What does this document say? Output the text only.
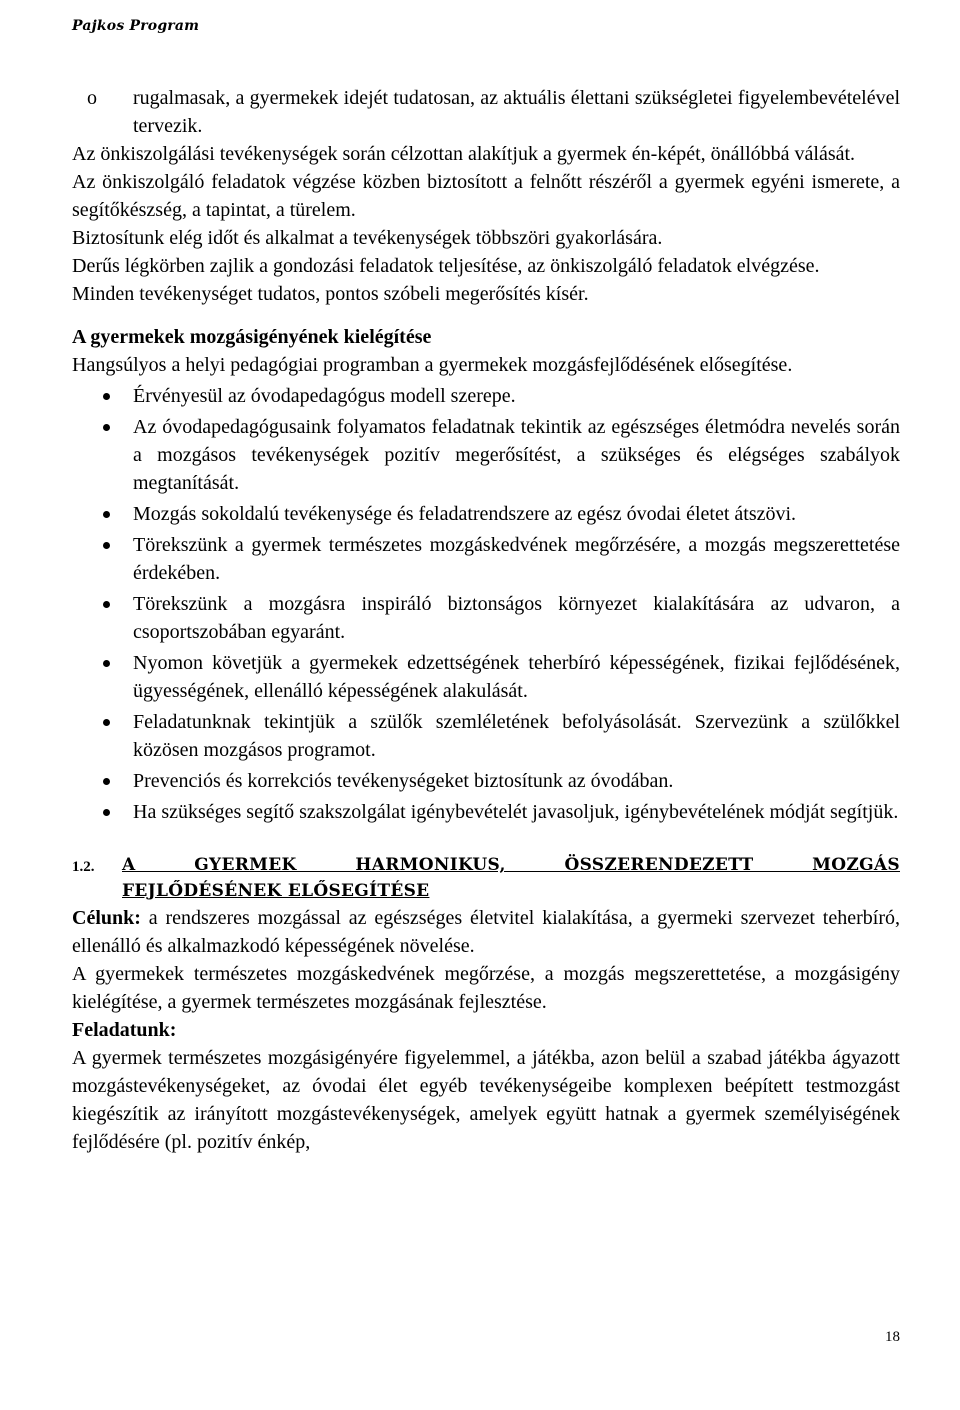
Pajkos Program

o rugalmasak, a gyermekek idejét tudatosan, az aktuális élettani szükségletei figyelembevételével tervezik.

Az önkiszolgálási tevékenységek során célzottan alakítjuk a gyermek én-képét, önállóbbá válását.

Az önkiszolgáló feladatok végzése közben biztosított a felnőtt részéről a gyermek egyéni ismerete, a segítőkészség, a tapintat, a türelem.

Biztosítunk elég időt és alkalmat a tevékenységek többszöri gyakorlására.

Derűs légkörben zajlik a gondozási feladatok teljesítése, az önkiszolgáló feladatok elvégzése.

Minden tevékenységet tudatos, pontos szóbeli megerősítés kísér.

A gyermekek mozgásigényének kielégítése

Hangsúlyos a helyi pedagógiai programban a gyermekek mozgásfejlődésének elősegítése.

Érvényesül az óvodapedagógus modell szerepe.
Az óvodapedagógusaink folyamatos feladatnak tekintik az egészséges életmódra nevelés során a mozgásos tevékenységek pozitív megerősítést, a szükséges és elégséges szabályok megtanítását.
Mozgás sokoldalú tevékenysége és feladatrendszere az egész óvodai életet átszövi.
Törekszünk a gyermek természetes mozgáskedvének megőrzésére, a mozgás megszerettetése érdekében.
Törekszünk a mozgásra inspiráló biztonságos környezet kialakítására az udvaron, a csoportszobában egyaránt.
Nyomon követjük a gyermekek edzettségének teherbíró képességének, fizikai fejlődésének, ügyességének, ellenálló képességének alakulását.
Feladatunknak tekintjük a szülők szemléletének befolyásolását. Szervezünk a szülőkkel közösen mozgásos programot.
Prevenciós és korrekciós tevékenységeket biztosítunk az óvodában.
Ha szükséges segítő szakszolgálat igénybevételét javasoljuk, igénybevételének módját segítjük.
1.2. A GYERMEK HARMONIKUS, ÖSSZERENDEZETT MOZGÁS
FEJLŐDÉSÉNEK ELŐSEGÍTÉSE

Célunk: a rendszeres mozgással az egészséges életvitel kialakítása, a gyermeki szervezet teherbíró, ellenálló és alkalmazkodó képességének növelése.

A gyermekek természetes mozgáskedvének megőrzése, a mozgás megszerettetése, a mozgásigény kielégítése, a gyermek természetes mozgásának fejlesztése.

Feladatunk:

A gyermek természetes mozgásigényére figyelemmel, a játékba, azon belül a szabad játékba ágyazott mozgástevékenységeket, az óvodai élet egyéb tevékenységeibe komplexen beépített testmozgást kiegészítik az irányított mozgástevékenységek, amelyek együtt hatnak a gyermek személyiségének fejlődésére (pl. pozitív énkép,

18
